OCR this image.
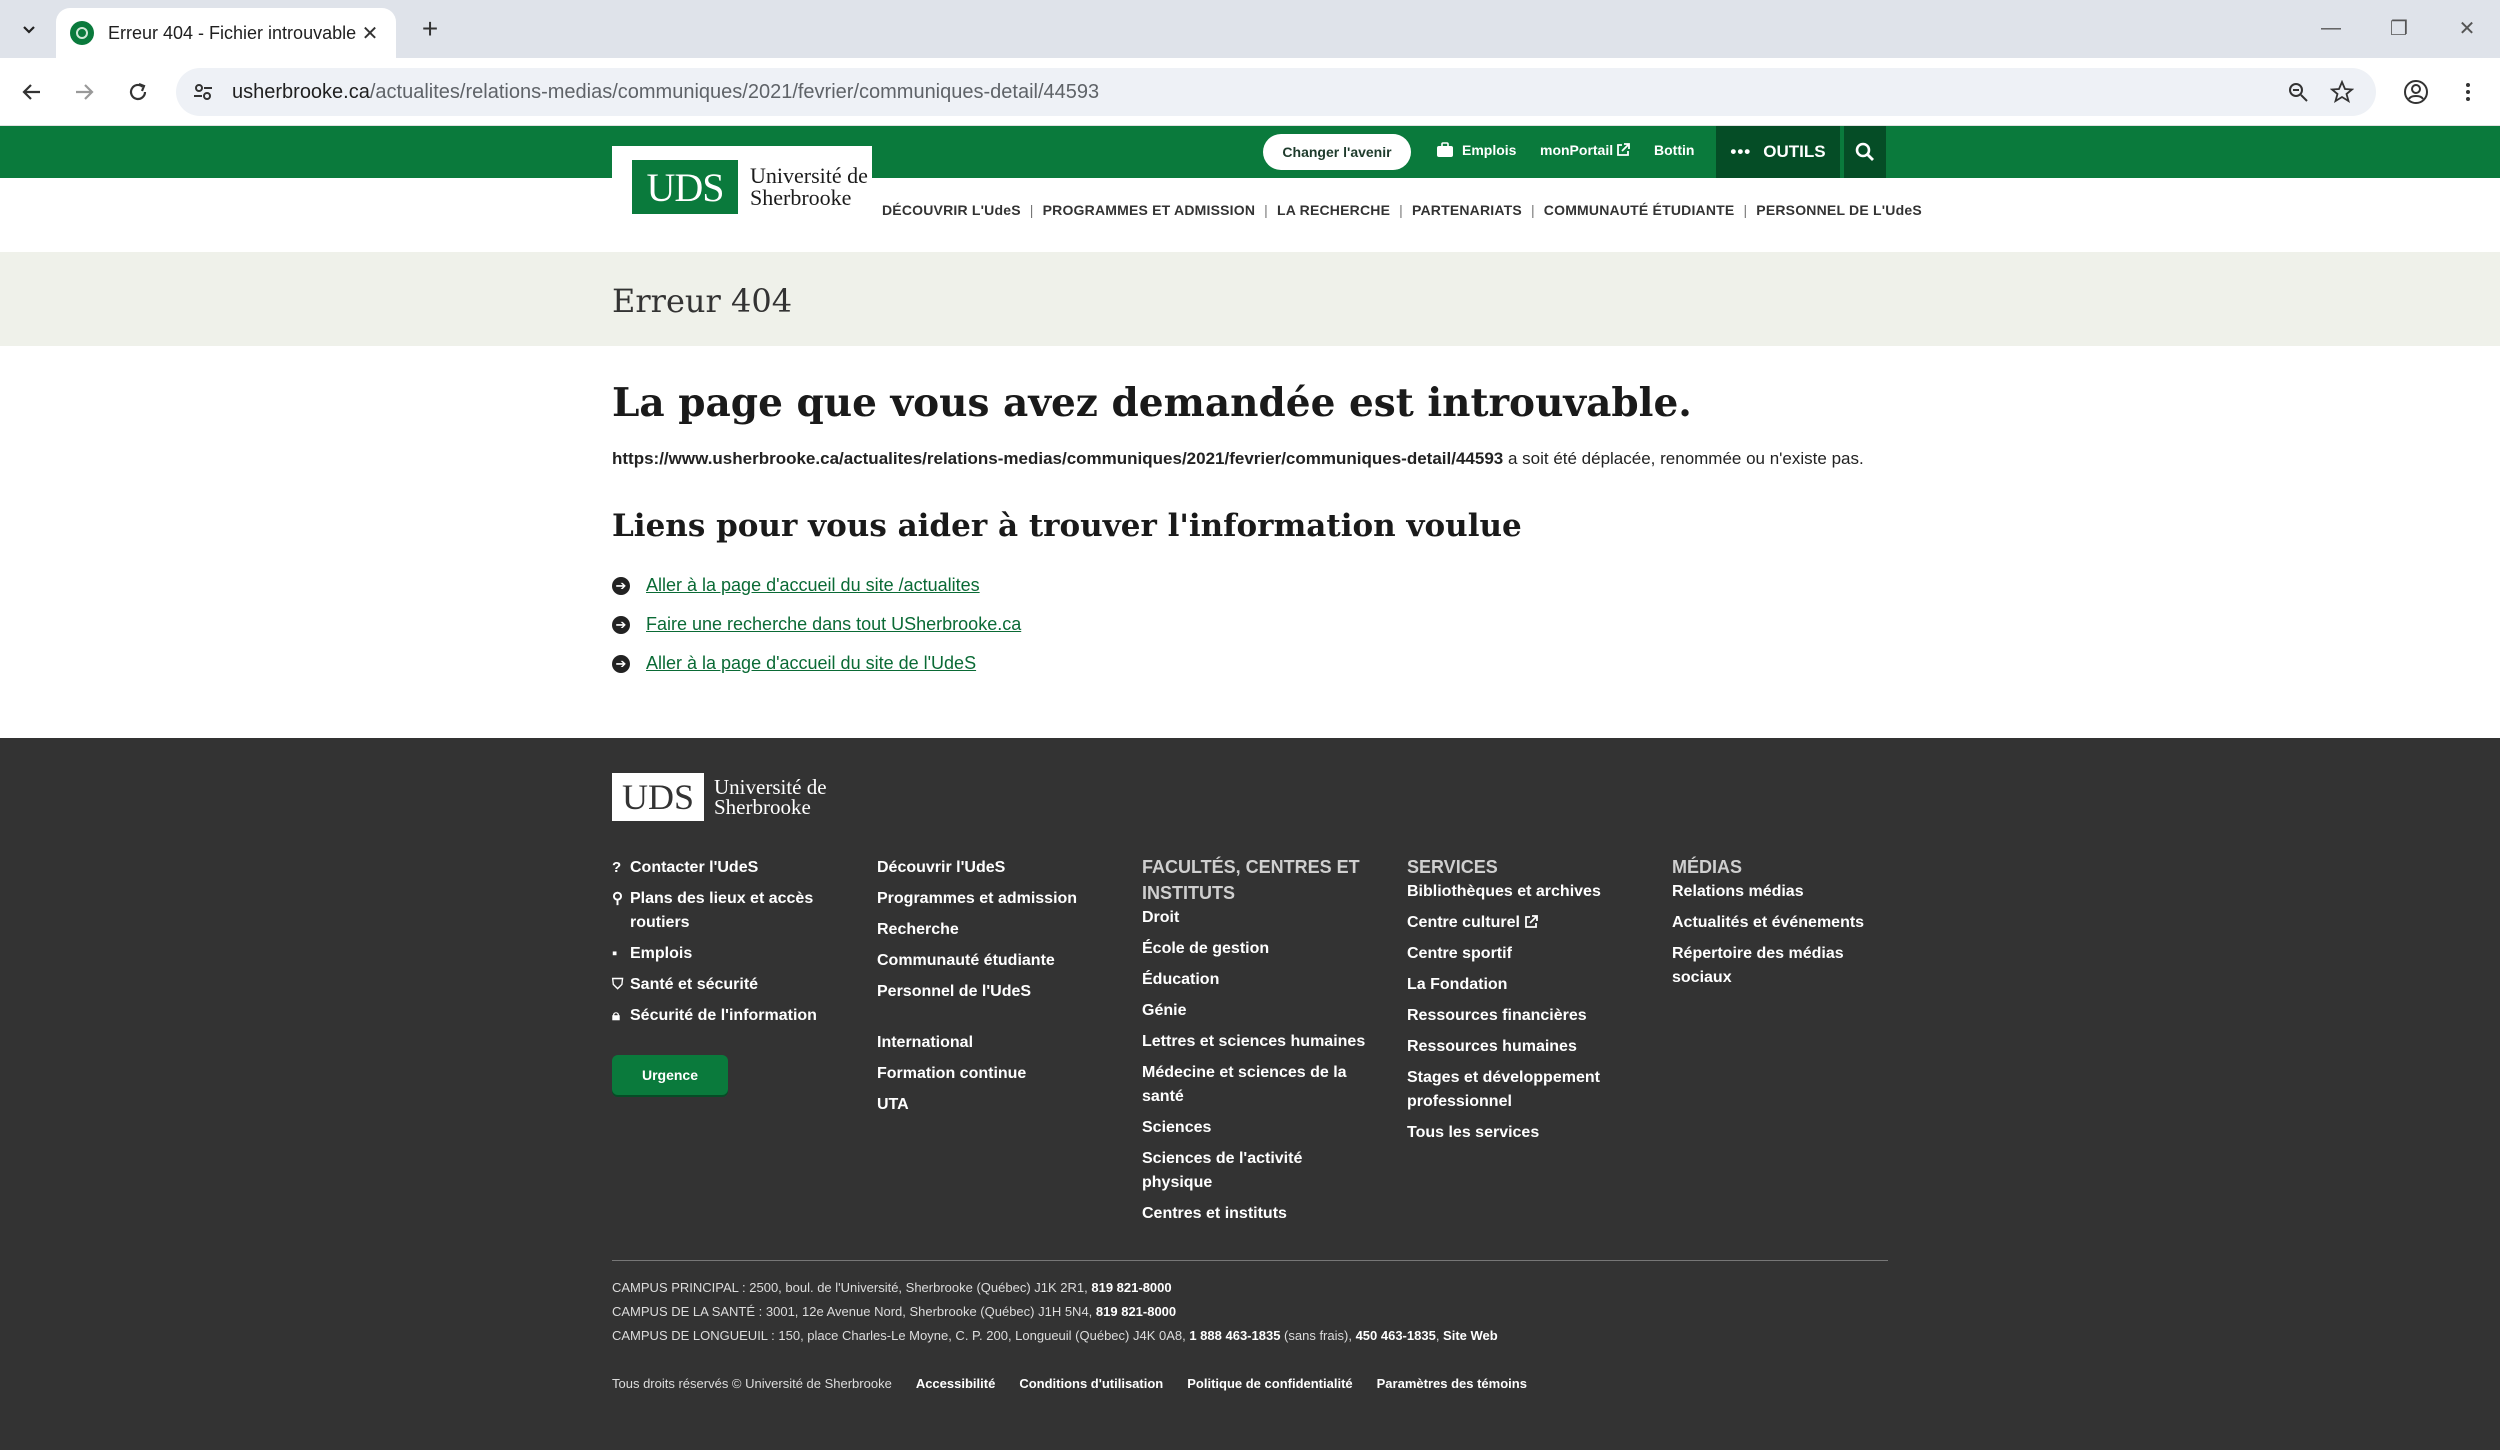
Erreur 404 - Fichier introuvable ✕ +	—	❐	✕
usherbrooke.ca/actualites/relations-medias/communiques/2021/fevrier/communiques-detail/44593
UDS Université de
Sherbrooke
Changer l'avenir	Emplois monPortail	Bottin ••• OUTILS
DÉCOUVRIR L'UdeS | PROGRAMMES ET ADMISSION | LA RECHERCHE | PARTENARIATS | COMMUNAUTÉ ÉTUDIANTE | PERSONNEL DE L'UdeS
Erreur 404
La page que vous avez demandée est introuvable.

https://www.usherbrooke.ca/actualites/relations-medias/communiques/2021/fevrier/communiques-detail/44593 a soit été déplacée, renommée ou n'existe pas.

Liens pour vous aider à trouver l'information voulue
➔ Aller à la page d'accueil du site /actualites
➔ Faire une recherche dans tout USherbrooke.ca
➔ Aller à la page d'accueil du site de l'UdeS
UDS Université de
Sherbrooke
? Contacter l'UdeS
⚲ Plans des lieux et accès routiers
▪ Emplois
⛉ Santé et sécurité
🔒︎ Sécurité de l'information
Urgence
Découvrir l'UdeS
Programmes et admission
Recherche
Communauté étudiante
Personnel de l'UdeS
International
Formation continue
UTA
FACULTÉS, CENTRES ET INSTITUTS
Droit
École de gestion
Éducation
Génie
Lettres et sciences humaines
Médecine et sciences de la santé
Sciences
Sciences de l'activité physique
Centres et instituts
SERVICES
Bibliothèques et archives
Centre culturel
Centre sportif
La Fondation
Ressources financières
Ressources humaines
Stages et développement professionnel
Tous les services
MÉDIAS
Relations médias
Actualités et événements
Répertoire des médias sociaux
CAMPUS PRINCIPAL : 2500, boul. de l'Université, Sherbrooke (Québec) J1K 2R1, 819 821-8000
CAMPUS DE LA SANTÉ : 3001, 12e Avenue Nord, Sherbrooke (Québec) J1H 5N4, 819 821-8000
CAMPUS DE LONGUEUIL : 150, place Charles-Le Moyne, C. P. 200, Longueuil (Québec) J4K 0A8, 1 888 463-1835 (sans frais), 450 463-1835, Site Web
Tous droits réservés © Université de Sherbrooke Accessibilité Conditions d'utilisation Politique de confidentialité Paramètres des témoins
